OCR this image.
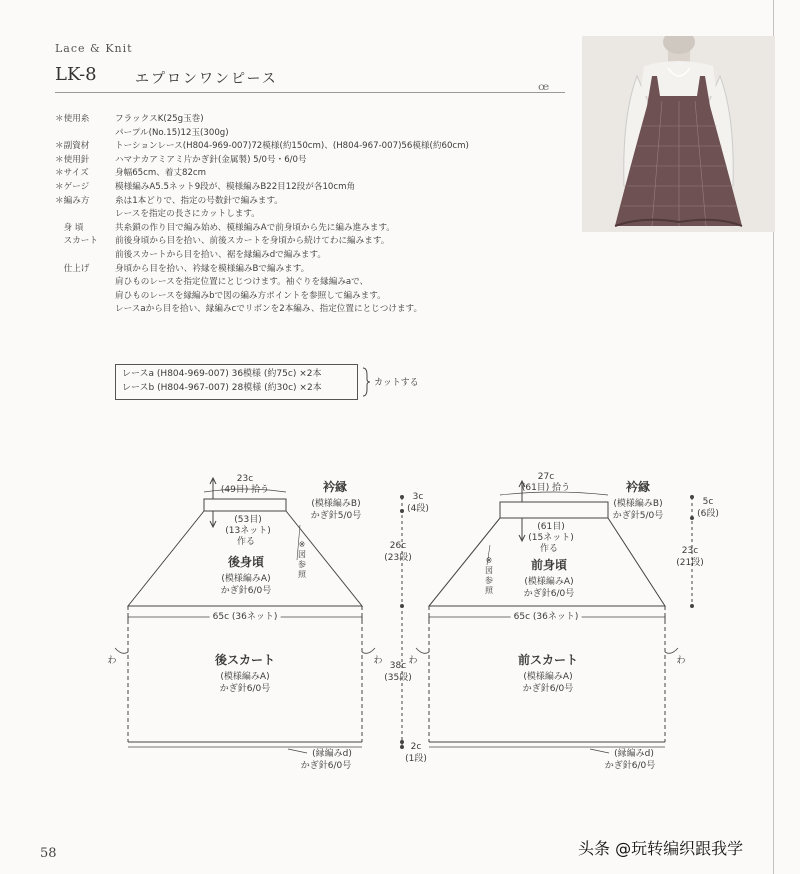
Lace & Knit
LK-8	エプロンワンピース
ꟹ
＊使用糸	フラックスK(25g玉巻)
パープル(No.15)12玉(300g)
＊副資材	トーションレース(H804-969-007)72模様(約150cm)、(H804-967-007)56模様(約60cm)
＊使用針	ハマナカアミアミ片かぎ針(金属製) 5/0号・6/0号
＊サイズ	身幅65cm、着丈82cm
＊ゲージ	模様編みA5.5ネット9段が、模様編みB22目12段が各10cm角
＊編み方	糸は1本どりで、指定の号数針で編みます。
レースを指定の長さにカットします。
　身 頃	共糸鎖の作り目で編み始め、模様編みAで前身頃から先に編み進みます。
　スカート	前後身頃から目を拾い、前後スカートを身頃から続けてわに編みます。
前後スカートから目を拾い、裾を縁編みdで編みます。
　仕上げ	身頃から目を拾い、衿縁を模様編みBで編みます。
肩ひものレースを指定位置にとじつけます。袖ぐりを縁編みaで、
肩ひものレースを縁編みbで図の編み方ポイントを参照して編みます。
レースaから目を拾い、縁編みcでリボンを2本編み、指定位置にとじつけます。
レースa (H804-969-007) 36模様 (約75c) ×2本
レースb (H804-967-007) 28模様 (約30c) ×2本	カットする
23c
(49目) 拾う	衿縁
(模様編みB)
かぎ針5/0号
(53目)
(13ネット)
作る
後身頃
(模様編みA)
かぎ針6/0号
※図参照
65c (36ネット)
後スカート
(模様編みA)
かぎ針6/0号
わ	わ
(縁編みd)
かぎ針6/0号
3c
(4段)
26c
(23段)
38c
(35段)
2c
(1段)
27c
(61目) 拾う	衿縁
(模様編みB)
かぎ針5/0号
(61目)
(15ネット)
作る
前身頃
(模様編みA)
かぎ針6/0号
※図参照
65c (36ネット)
前スカート
(模様編みA)
かぎ針6/0号
わ	わ
(縁編みd)
かぎ針6/0号
5c
(6段)
23c
(21段)
58	头条 @玩转编织跟我学
